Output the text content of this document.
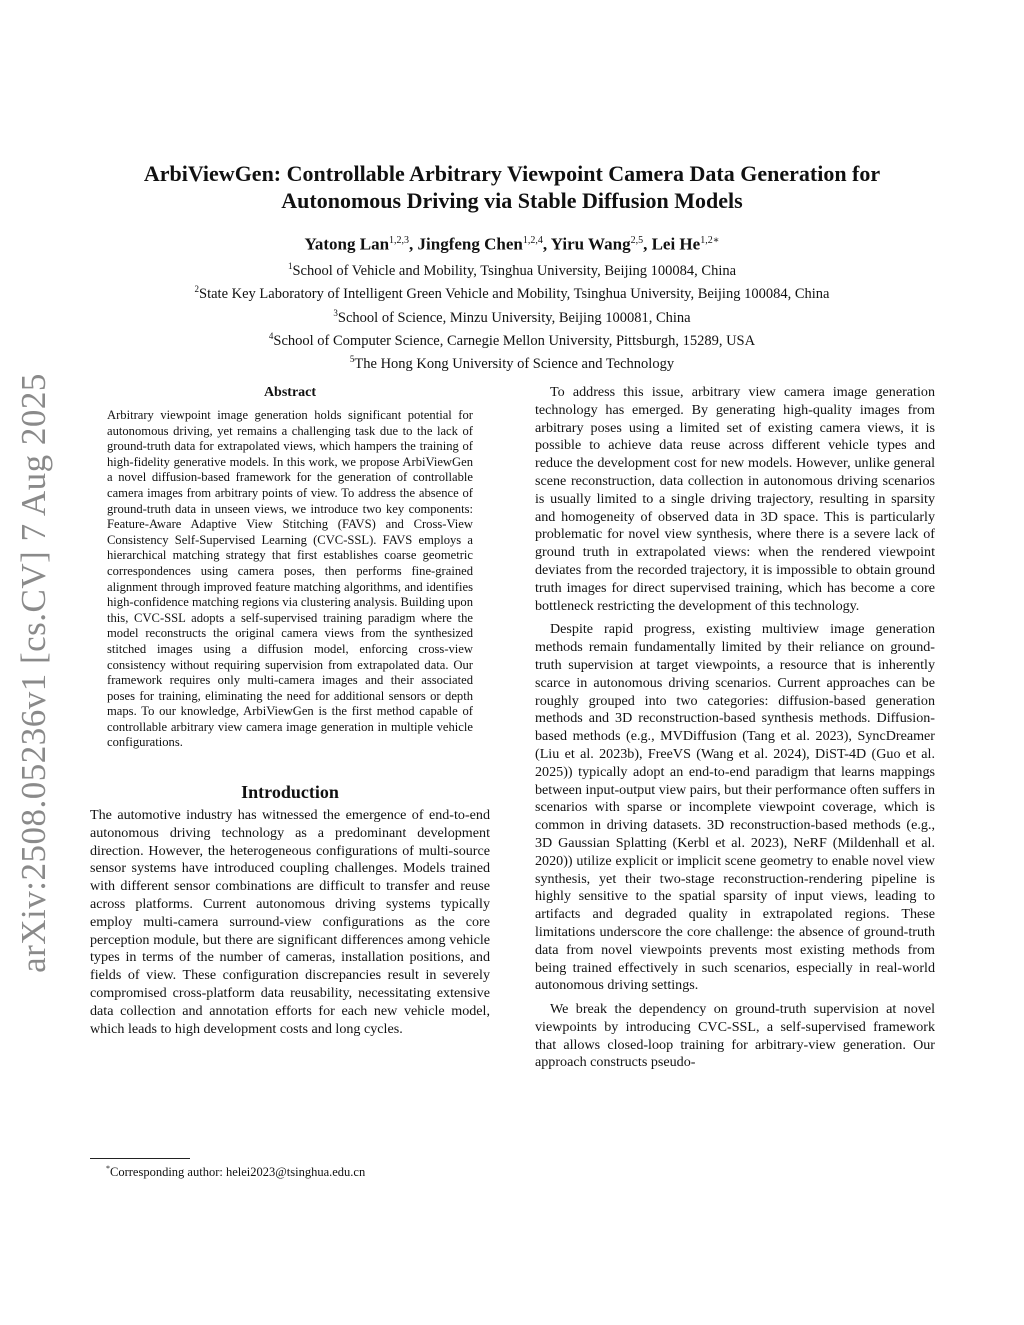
arXiv:2508.05236v1 [cs.CV] 7 Aug 2025
ArbiViewGen: Controllable Arbitrary Viewpoint Camera Data Generation for
Autonomous Driving via Stable Diffusion Models
Yatong Lan$^{1,2,3}$, Jingfeng Chen$^{1,2,4}$, Yiru Wang$^{2,5}$, Lei $He^{1,2∗}$
$^1$School of Vehicle and Mobility, Tsinghua University, Beijing 100084, China
$^2$State Key Laboratory of Intelligent Green Vehicle and Mobility, Tsinghua University, Beijing 100084, China
$^3$School of Science, Minzu University, Beijing 100081, China
$^4$School of Computer Science, Carnegie Mellon University, Pittsburgh, 15289, USA
$^5$The Hong Kong University of Science and Technology
Abstract

Arbitrary viewpoint image generation holds significant potential for autonomous driving, yet remains a challenging task due to the lack of ground-truth data for extrapolated views, which hampers the training of high-fidelity generative models. In this work, we propose ArbiViewGen a novel diffusion-based framework for the generation of controllable camera images from arbitrary points of view. To address the absence of ground-truth data in unseen views, we introduce two key components: Feature-Aware Adaptive View Stitching (FAVS) and Cross-View Consistency Self-Supervised Learning (CVC-SSL). FAVS employs a hierarchical matching strategy that first establishes coarse geometric correspondences using camera poses, then performs fine-grained alignment through improved feature matching algorithms, and identifies high-confidence matching regions via clustering analysis. Building upon this, CVC-SSL adopts a self-supervised training paradigm where the model reconstructs the original camera views from the synthesized stitched images using a diffusion model, enforcing cross-view consistency without requiring supervision from extrapolated data. Our framework requires only multi-camera images and their associated poses for training, eliminating the need for additional sensors or depth maps. To our knowledge, ArbiViewGen is the first method capable of controllable arbitrary view camera image generation in multiple vehicle configurations.

Introduction

The automotive industry has witnessed the emergence of end-to-end autonomous driving technology as a predominant development direction. However, the heterogeneous configurations of multi-source sensor systems have introduced coupling challenges. Models trained with different sensor combinations are difficult to transfer and reuse across platforms. Current autonomous driving systems typically employ multi-camera surround-view configurations as the core perception module, but there are significant differences among vehicle types in terms of the number of cameras, installation positions, and fields of view. These configuration discrepancies result in severely compromised cross-platform data reusability, necessitating extensive data collection and annotation efforts for each new vehicle model, which leads to high development costs and long cycles.

To address this issue, arbitrary view camera image generation technology has emerged. By generating high-quality images from arbitrary poses using a limited set of existing camera views, it is possible to achieve data reuse across different vehicle types and reduce the development cost for new models. However, unlike general scene reconstruction, data collection in autonomous driving scenarios is usually limited to a single driving trajectory, resulting in sparsity and homogeneity of observed data in 3D space. This is particularly problematic for novel view synthesis, where there is a severe lack of ground truth in extrapolated views: when the rendered viewpoint deviates from the recorded trajectory, it is impossible to obtain ground truth images for direct supervised training, which has become a core bottleneck restricting the development of this technology.

Despite rapid progress, existing multiview image generation methods remain fundamentally limited by their reliance on ground-truth supervision at target viewpoints, a resource that is inherently scarce in autonomous driving scenarios. Current approaches can be roughly grouped into two categories: diffusion-based generation methods and 3D reconstruction-based synthesis methods. Diffusion-based methods (e.g., MVDiffusion (Tang et al. 2023), SyncDreamer (Liu et al. 2023b), FreeVS (Wang et al. 2024), DiST-4D (Guo et al. 2025)) typically adopt an end-to-end paradigm that learns mappings between input-output view pairs, but their performance often suffers in scenarios with sparse or incomplete viewpoint coverage, which is common in driving datasets. 3D reconstruction-based methods (e.g., 3D Gaussian Splatting (Kerbl et al. 2023), NeRF (Mildenhall et al. 2020)) utilize explicit or implicit scene geometry to enable novel view synthesis, yet their two-stage reconstruction-rendering pipeline is highly sensitive to the spatial sparsity of input views, leading to artifacts and degraded quality in extrapolated regions. These limitations underscore the core challenge: the absence of ground-truth data from novel viewpoints prevents most existing methods from being trained effectively in such scenarios, especially in real-world autonomous driving settings.

We break the dependency on ground-truth supervision at novel viewpoints by introducing CVC-SSL, a self-supervised framework that allows closed-loop training for arbitrary-view generation. Our approach constructs pseudo-

*Corresponding author: helei2023@tsinghua.edu.cn
